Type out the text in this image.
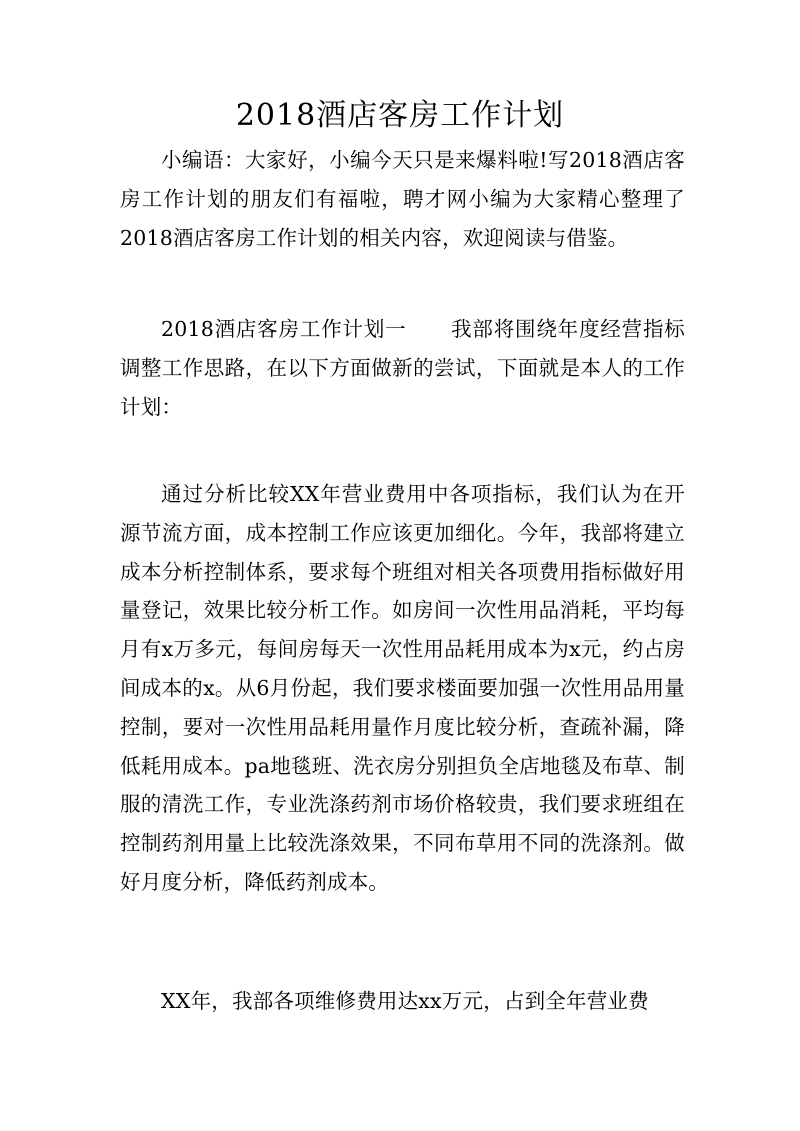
2018酒店客房工作计划

小编语：大家好，小编今天只是来爆料啦!写2018酒店客房工作计划的朋友们有福啦，聘才网小编为大家精心整理了2018酒店客房工作计划的相关内容，欢迎阅读与借鉴。

2018酒店客房工作计划一 我部将围绕年度经营指标调整工作思路，在以下方面做新的尝试，下面就是本人的工作计划：

通过分析比较XX年营业费用中各项指标，我们认为在开源节流方面，成本控制工作应该更加细化。今年，我部将建立成本分析控制体系，要求每个班组对相关各项费用指标做好用量登记，效果比较分析工作。如房间一次性用品消耗，平均每月有x万多元，每间房每天一次性用品耗用成本为x元，约占房间成本的x。从6月份起，我们要求楼面要加强一次性用品用量控制，要对一次性用品耗用量作月度比较分析，查疏补漏，降低耗用成本。pa地毯班、洗衣房分别担负全店地毯及布草、制服的清洗工作，专业洗涤药剂市场价格较贵，我们要求班组在控制药剂用量上比较洗涤效果，不同布草用不同的洗涤剂。做好月度分析，降低药剂成本。

XX年，我部各项维修费用达xx万元，占到全年营业费
